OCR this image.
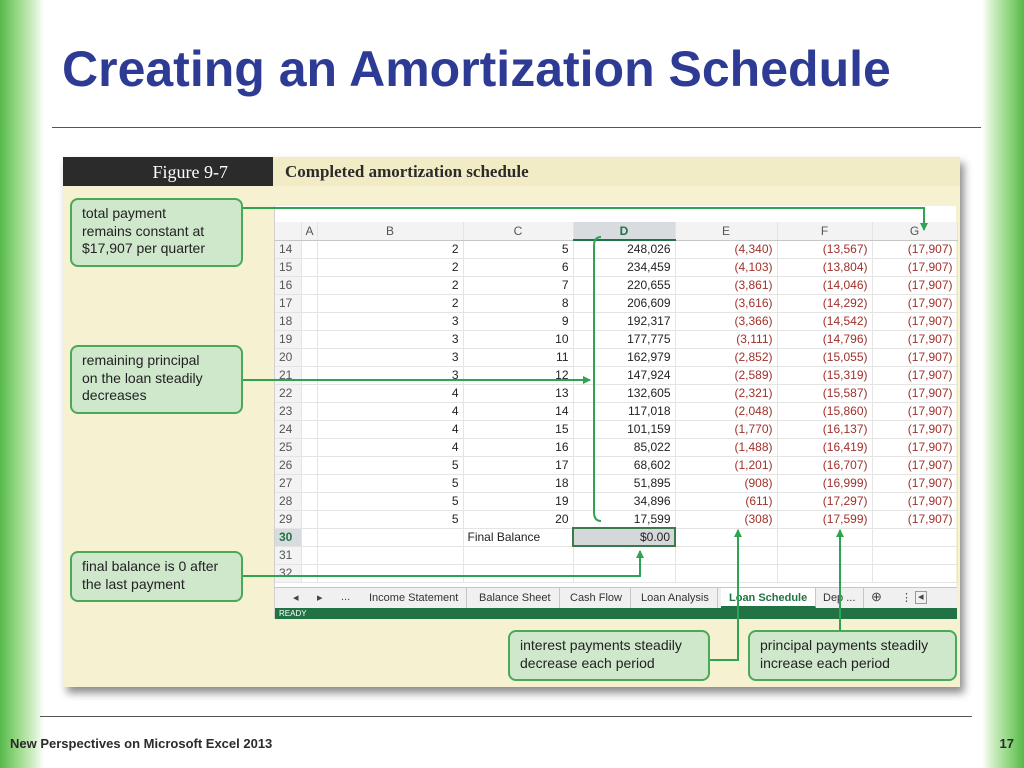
Creating an Amortization Schedule
Figure 9-7	Completed amortization schedule
	A	B	C	D	E	F	G
14		2	5	248,026	(4,340)	(13,567)	(17,907)
15		2	6	234,459	(4,103)	(13,804)	(17,907)
16		2	7	220,655	(3,861)	(14,046)	(17,907)
17		2	8	206,609	(3,616)	(14,292)	(17,907)
18		3	9	192,317	(3,366)	(14,542)	(17,907)
19		3	10	177,775	(3,111)	(14,796)	(17,907)
20		3	11	162,979	(2,852)	(15,055)	(17,907)
21		3	12	147,924	(2,589)	(15,319)	(17,907)
22		4	13	132,605	(2,321)	(15,587)	(17,907)
23		4	14	117,018	(2,048)	(15,860)	(17,907)
24		4	15	101,159	(1,770)	(16,137)	(17,907)
25		4	16	85,022	(1,488)	(16,419)	(17,907)
26		5	17	68,602	(1,201)	(16,707)	(17,907)
27		5	18	51,895	(908)	(16,999)	(17,907)
28		5	19	34,896	(611)	(17,297)	(17,907)
29		5	20	17,599	(308)	(17,599)	(17,907)
30			Final Balance	$0.00			
31							
32							
◂ ▸ ...	Income Statement	Balance Sheet	Cash Flow	Loan Analysis	Loan Schedule	Dep ...	⊕ ⋮ ◂
READY
total payment
remains constant at
$17,907 per quarter
remaining principal
on the loan steadily
decreases
final balance is 0 after
the last payment
interest payments steadily
decrease each period
principal payments steadily
increase each period
New Perspectives on Microsoft Excel 2013	17
